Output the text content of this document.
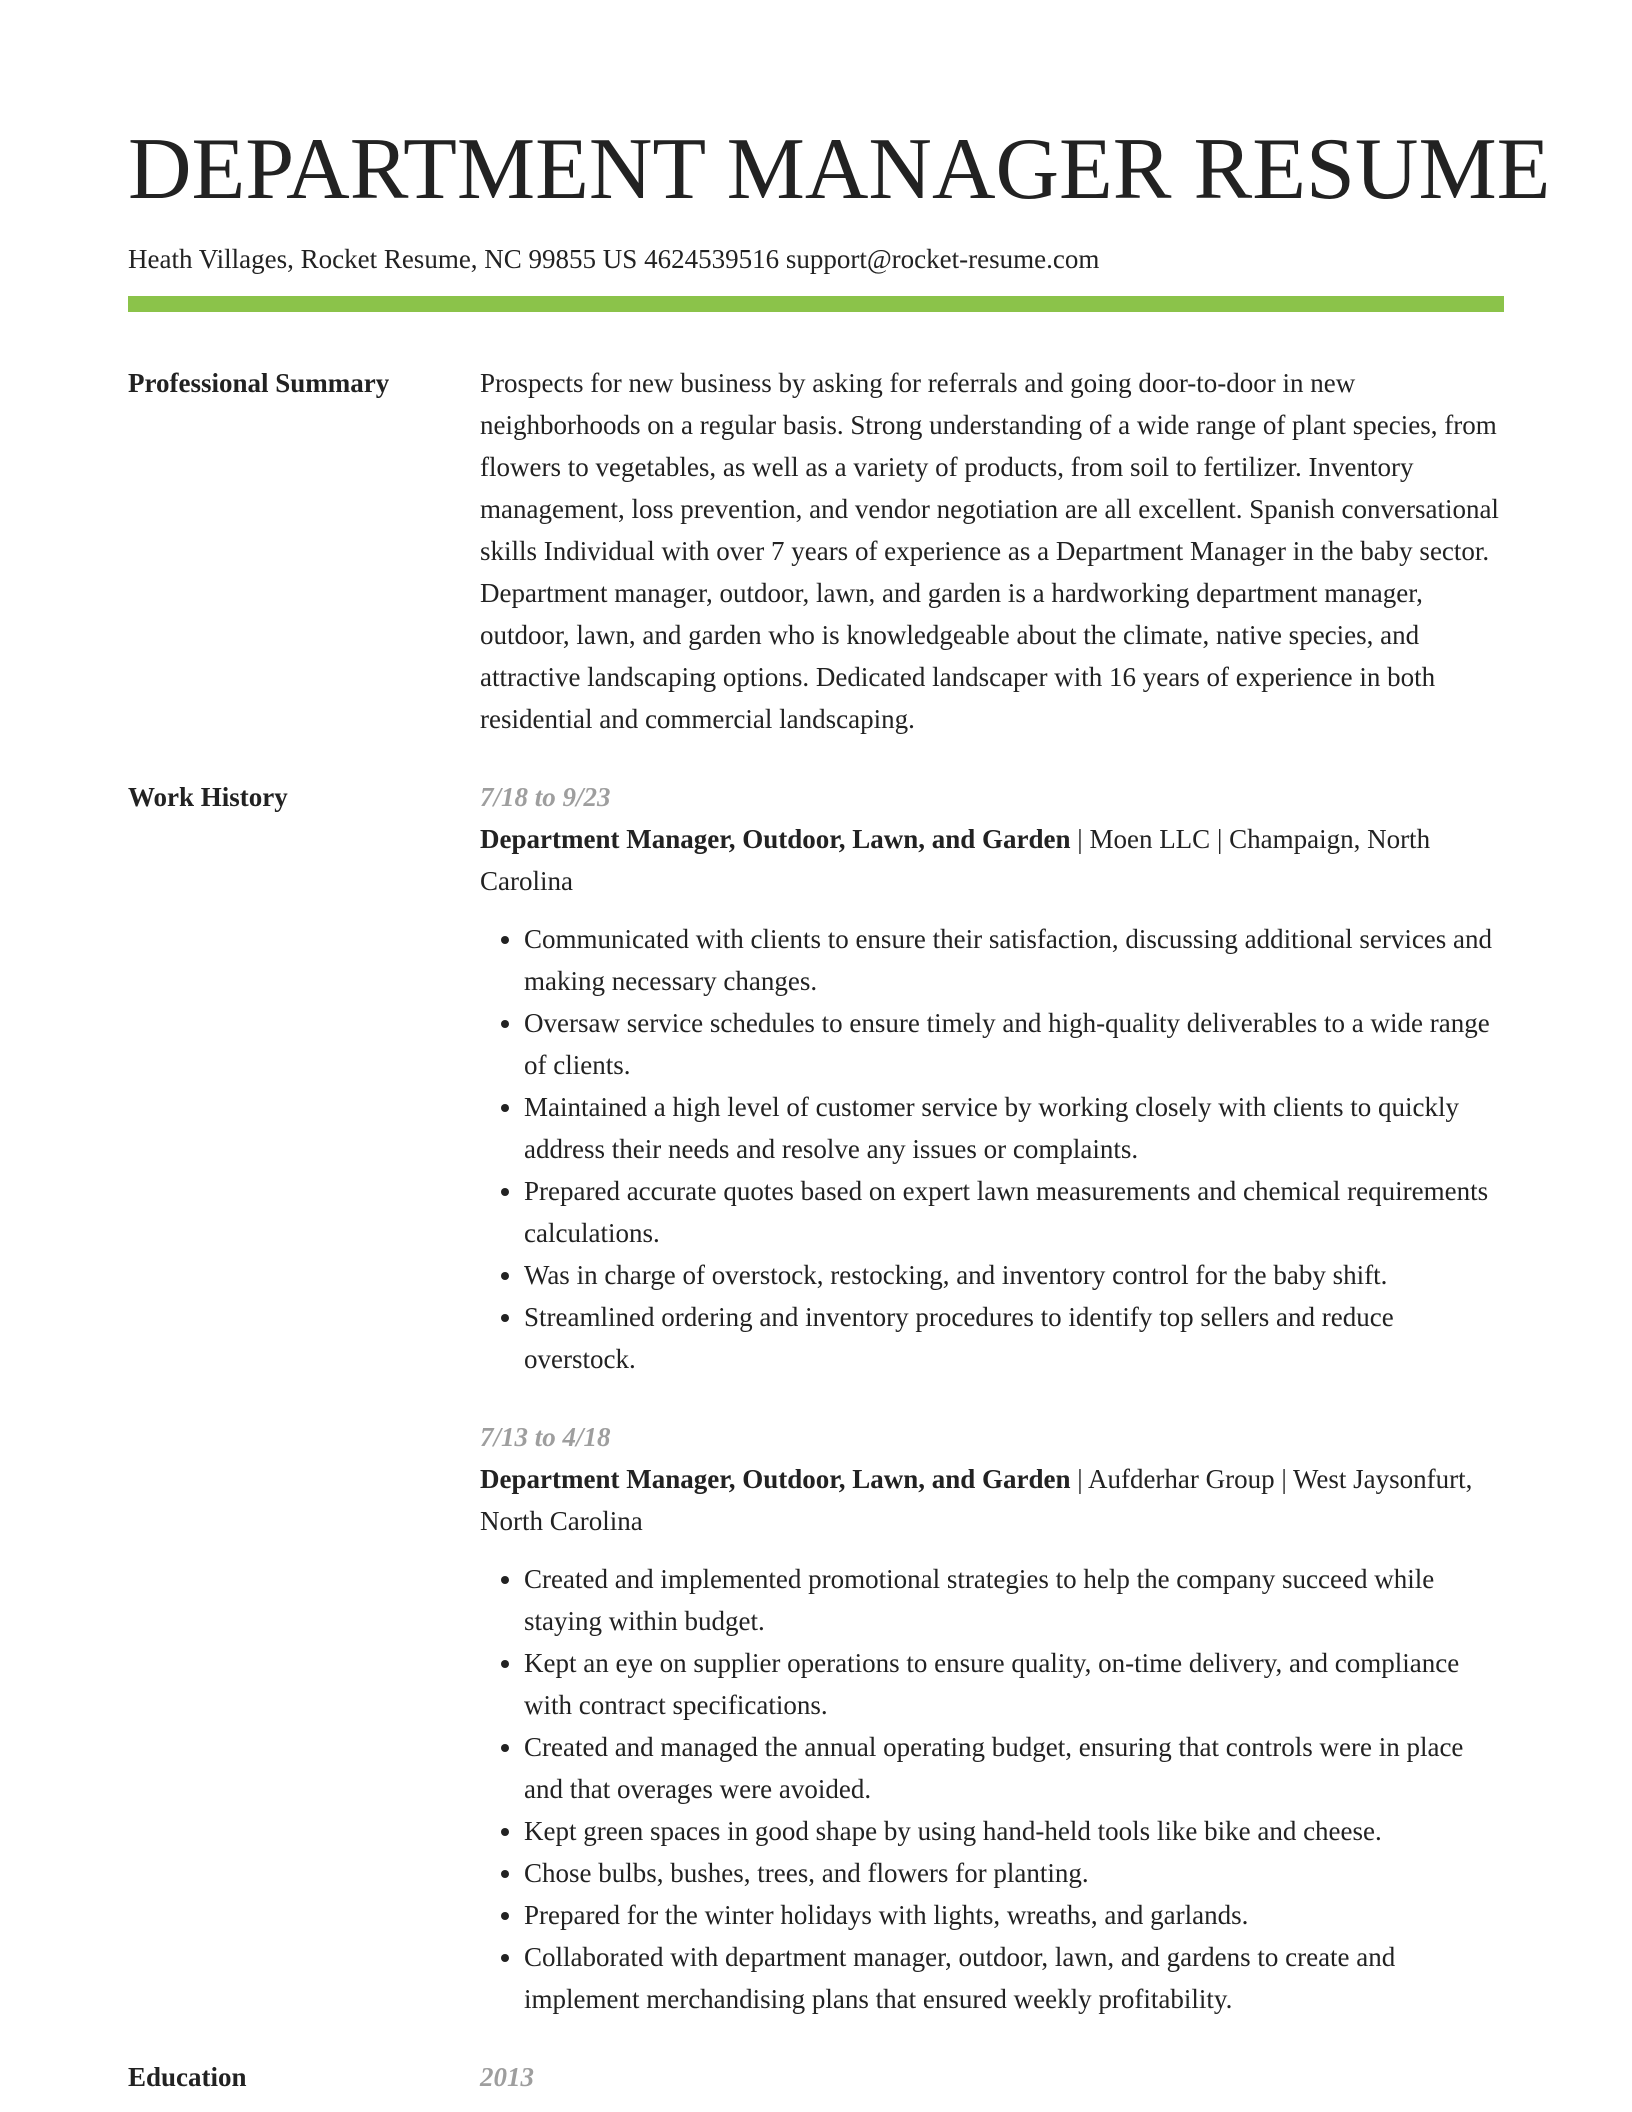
DEPARTMENT MANAGER RESUME
Heath Villages, Rocket Resume, NC 99855 US 4624539516 support@rocket-resume.com
Professional Summary	Prospects for new business by asking for referrals and going door-to-door in new neighborhoods on a regular basis. Strong understanding of a wide range of plant species, from flowers to vegetables, as well as a variety of products, from soil to fertilizer. Inventory management, loss prevention, and vendor negotiation are all excellent. Spanish conversational skills Individual with over 7 years of experience as a Department Manager in the baby sector. Department manager, outdoor, lawn, and garden is a hardworking department manager, outdoor, lawn, and garden who is knowledgeable about the climate, native species, and attractive landscaping options. Dedicated landscaper with 16 years of experience in both residential and commercial landscaping.

Work History	7/18 to 9/23

Department Manager, Outdoor, Lawn, and Garden | Moen LLC | Champaign, North Carolina

• Communicated with clients to ensure their satisfaction, discussing additional services and making necessary changes.
• Oversaw service schedules to ensure timely and high-quality deliverables to a wide range of clients.
• Maintained a high level of customer service by working closely with clients to quickly address their needs and resolve any issues or complaints.
• Prepared accurate quotes based on expert lawn measurements and chemical requirements calculations.
• Was in charge of overstock, restocking, and inventory control for the baby shift.
• Streamlined ordering and inventory procedures to identify top sellers and reduce overstock.
7/13 to 4/18

Department Manager, Outdoor, Lawn, and Garden | Aufderhar Group | West Jaysonfurt, North Carolina

• Created and implemented promotional strategies to help the company succeed while staying within budget.
• Kept an eye on supplier operations to ensure quality, on-time delivery, and compliance with contract specifications.
• Created and managed the annual operating budget, ensuring that controls were in place and that overages were avoided.
• Kept green spaces in good shape by using hand-held tools like bike and cheese.
• Chose bulbs, bushes, trees, and flowers for planting.
• Prepared for the winter holidays with lights, wreaths, and garlands.
• Collaborated with department manager, outdoor, lawn, and gardens to create and implement merchandising plans that ensured weekly profitability.
Education	2013
